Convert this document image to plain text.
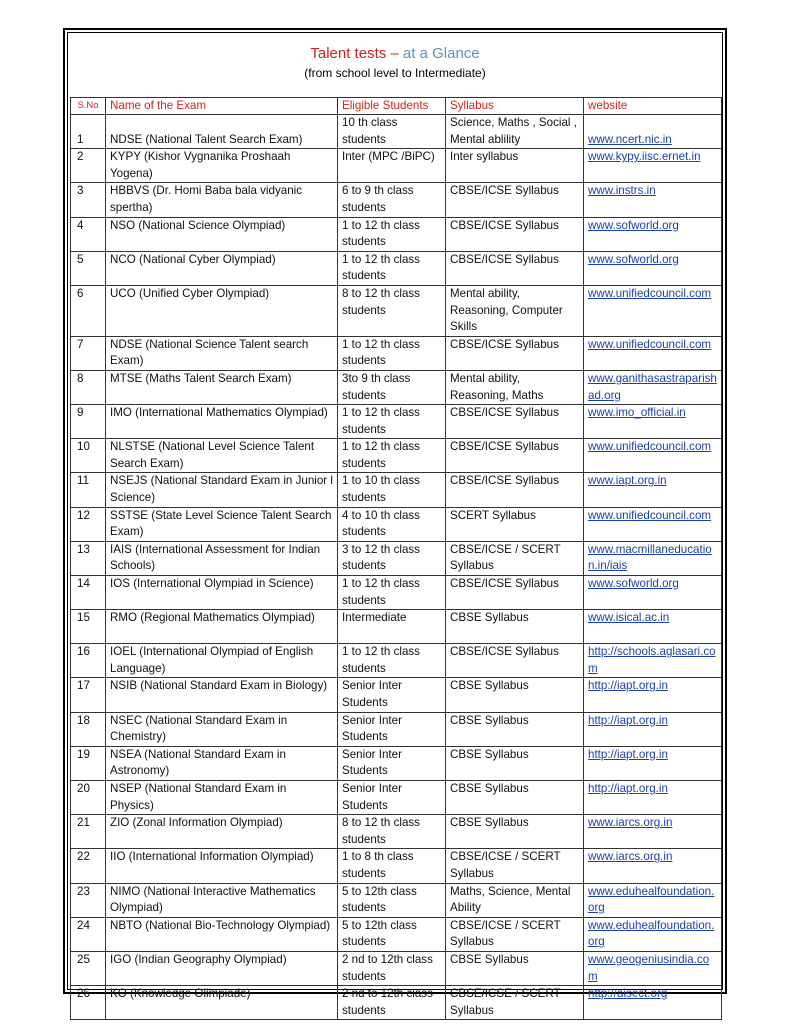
Talent tests – at a Glance
(from school level to Intermediate)
S.No	Name of the Exam	Eligible Students	Syllabus	website
1	NDSE (National Talent Search Exam)	10 th class students	Science, Maths , Social , Mental ablility	www.ncert.nic.in
2	KYPY (Kishor Vygnanika Proshaah Yogena)	Inter (MPC /BiPC)	Inter syllabus	www.kypy.iisc.ernet.in
3	HBBVS (Dr. Homi Baba bala vidyanic spertha)	6 to 9 th class students	CBSE/ICSE Syllabus	www.instrs.in
4	NSO (National Science Olympiad)	1 to 12 th class students	CBSE/ICSE Syllabus	www.sofworld.org
5	NCO (National Cyber Olympiad)	1 to 12 th class students	CBSE/ICSE Syllabus	www.sofworld.org
6	UCO (Unified Cyber Olympiad)	8 to 12 th class students	Mental ability, Reasoning, Computer Skills	www.unifiedcouncil.com
7	NDSE (National Science Talent search Exam)	1 to 12 th class students	CBSE/ICSE Syllabus	www.unifiedcouncil.com
8	MTSE (Maths Talent Search Exam)	3to 9 th class students	Mental ability, Reasoning, Maths	www.ganithasastraparishad.org
9	IMO (International Mathematics Olympiad)	1 to 12 th class students	CBSE/ICSE Syllabus	www.imo_official.in
10	NLSTSE (National Level Science Talent Search Exam)	1 to 12 th class students	CBSE/ICSE Syllabus	www.unifiedcouncil.com
11	NSEJS (National Standard Exam in Junior l Science)	1 to 10 th class students	CBSE/ICSE Syllabus	www.iapt.org.in
12	SSTSE (State Level Science Talent Search Exam)	4 to 10 th class students	SCERT Syllabus	www.unifiedcouncil.com
13	IAIS (International Assessment for Indian Schools)	3 to 12 th class students	CBSE/ICSE / SCERT Syllabus	www.macmillaneducation.in/iais
14	IOS (International Olympiad in Science)	1 to 12 th class students	CBSE/ICSE Syllabus	www.sofworld.org
15	RMO (Regional Mathematics Olympiad)	Intermediate	CBSE Syllabus	www.isical.ac.in
16	IOEL (International Olympiad of English Language)	1 to 12 th class students	CBSE/ICSE Syllabus	http://schools.aglasari.com
17	NSIB (National Standard Exam in Biology)	Senior Inter Students	CBSE Syllabus	http://iapt.org.in
18	NSEC (National Standard Exam in Chemistry)	Senior Inter Students	CBSE Syllabus	http://iapt.org.in
19	NSEA (National Standard Exam in Astronomy)	Senior Inter Students	CBSE Syllabus	http://iapt.org.in
20	NSEP (National Standard Exam in Physics)	Senior Inter Students	CBSE Syllabus	http://iapt.org.in
21	ZIO (Zonal Information Olympiad)	8 to 12 th class students	CBSE Syllabus	www.iarcs.org.in
22	IIO (International Information Olympiad)	1 to 8 th class students	CBSE/ICSE / SCERT Syllabus	www.iarcs.org.in
23	NIMO (National Interactive Mathematics Olympiad)	5 to 12th class students	Maths, Science, Mental Ability	www.eduhealfoundation.org
24	NBTO (National Bio-Technology Olympiad)	5 to 12th class students	CBSE/ICSE / SCERT Syllabus	www.eduhealfoundation.org
25	IGO (Indian Geography Olympiad)	2 nd to 12th class students	CBSE Syllabus	www.geogeniusindia.com
26	KO (Knowledge Olimpiade)	2 nd to 12th class students	CBSE/ICSE / SCERT Syllabus	http://aisect.org
